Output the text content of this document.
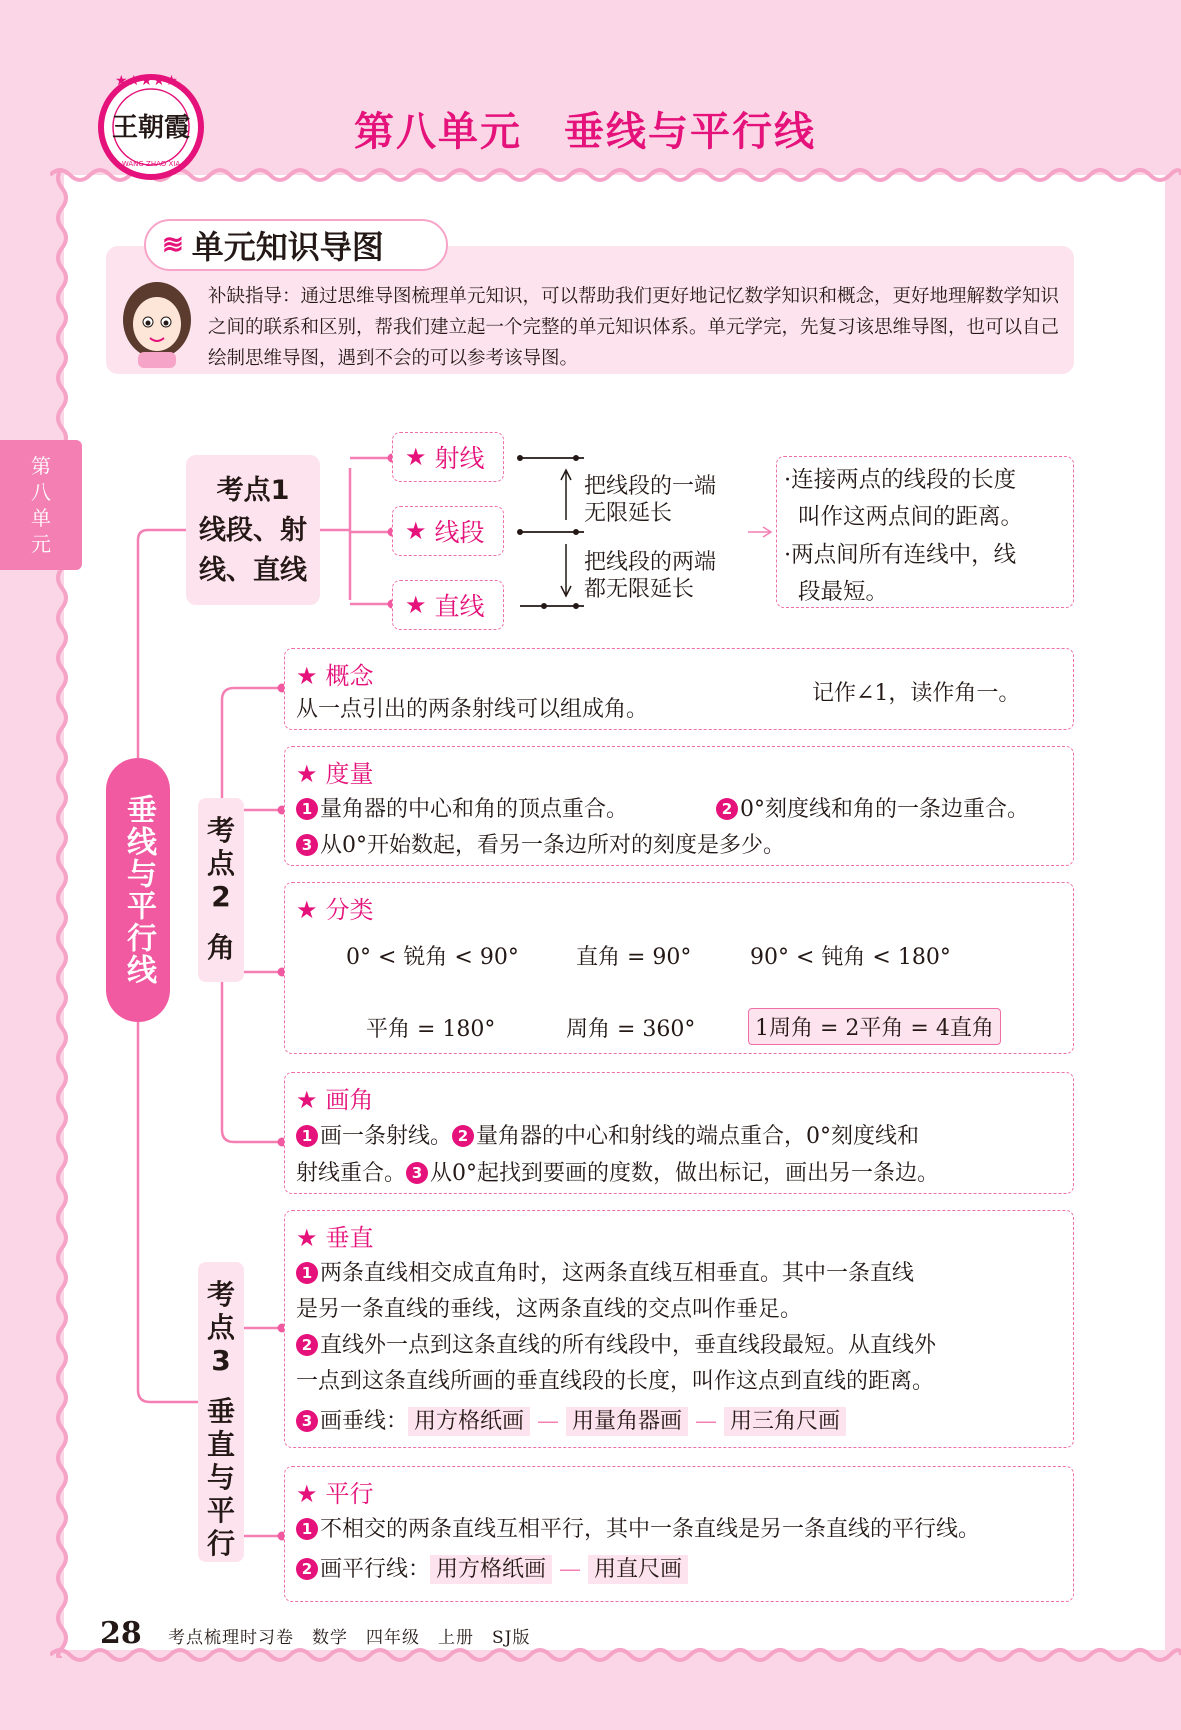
★★★★★
王朝霞
WANG ZHAO XIA
第八单元　垂线与平行线
第
八
单
元
≋ 单元知识导图
补缺指导：通过思维导图梳理单元知识，可以帮助我们更好地记忆数学知识和概念，更好地理解数学知识之间的联系和区别，帮我们建立起一个完整的单元知识体系。单元学完，先复习该思维导图，也可以自己绘制思维导图，遇到不会的可以参考该导图。
垂线与平行线
考点1
线段、射
线、直线
★ 射线
★ 线段
★ 直线
把线段的一端
无限延长
把线段的两端
都无限延长
·连接两点的线段的长度
叫作这两点间的距离。
·两点间所有连线中，线
段最短。
考
点
2
角
★ 概念
从一点引出的两条射线可以组成角。
记作∠1，读作角一。
★ 度量
1 量角器的中心和角的顶点重合。	2 0°刻度线和角的一条边重合。
3 从0°开始数起，看另一条边所对的刻度是多少。
★ 分类
0° < 锐角 < 90°	直角 = 90°	90° < 钝角 < 180°
平角 = 180°	周角 = 360°	1周角 = 2平角 = 4直角
★ 画角
1 画一条射线。 2 量角器的中心和射线的端点重合，0°刻度线和
射线重合。 3 从0°起找到要画的度数，做出标记，画出另一条边。
考
点
3
垂
直
与
平
行
★ 垂直
1 两条直线相交成直角时，这两条直线互相垂直。其中一条直线
是另一条直线的垂线，这两条直线的交点叫作垂足。
2 直线外一点到这条直线的所有线段中，垂直线段最短。从直线外
一点到这条直线所画的垂直线段的长度，叫作这点到直线的距离。
3 画垂线： 用方格纸画 — 用量角器画 — 用三角尺画
★ 平行
1 不相交的两条直线互相平行，其中一条直线是另一条直线的平行线。
2 画平行线： 用方格纸画 — 用直尺画
28 考点梳理时习卷　数学　四年级　上册　SJ版
